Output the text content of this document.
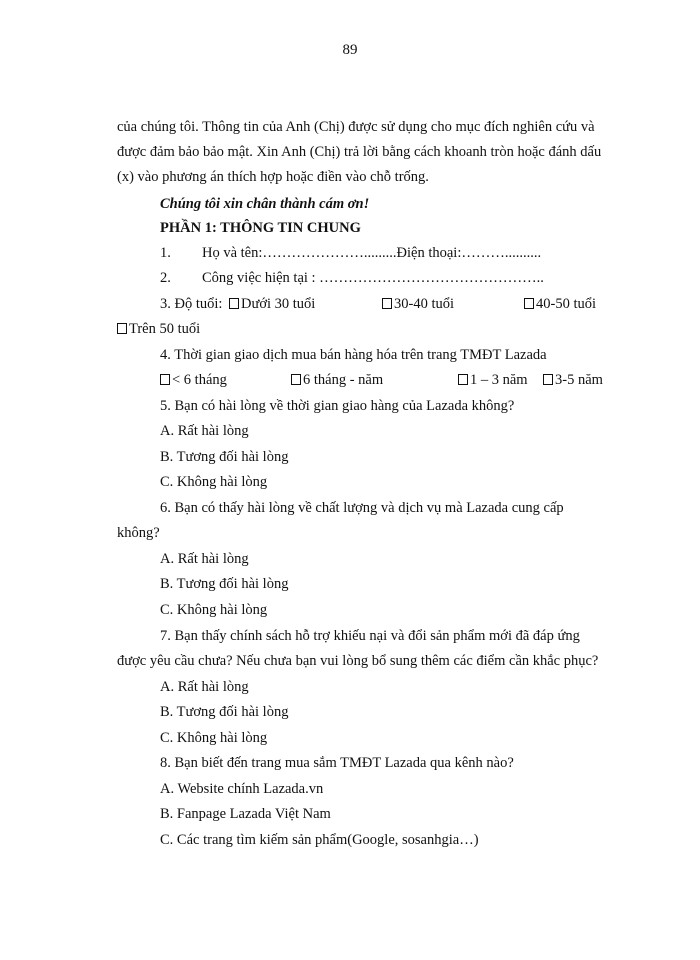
89
của chúng tôi. Thông tin của Anh (Chị) được sử dụng cho mục đích nghiên cứu và
được đảm bảo bảo mật. Xin Anh (Chị) trả lời bằng cách khoanh tròn hoặc đánh dấu
(x) vào phương án thích hợp hoặc điền vào chỗ trống.
Chúng tôi xin chân thành cám ơn!
PHẦN 1: THÔNG TIN CHUNG
1. Họ và tên:………………….........Điện thoại:………..........
2. Công việc hiện tại : ………………………………………..
3. Độ tuổi:	Dưới 30 tuổi	30-40 tuổi	40-50 tuổi
Trên 50 tuổi
4. Thời gian giao dịch mua bán hàng hóa trên trang TMĐT Lazada
< 6 tháng	6 tháng - năm	1 – 3 năm	3-5 năm
5. Bạn có hài lòng về thời gian giao hàng của Lazada không?
A. Rất hài lòng
B. Tương đối hài lòng
C. Không hài lòng
6. Bạn có thấy hài lòng về chất lượng và dịch vụ mà Lazada cung cấp
không?
A. Rất hài lòng
B. Tương đối hài lòng
C. Không hài lòng
7. Bạn thấy chính sách hỗ trợ khiếu nại và đổi sản phẩm mới đã đáp ứng
được yêu cầu chưa? Nếu chưa bạn vui lòng bổ sung thêm các điểm cần khắc phục?
A. Rất hài lòng
B. Tương đối hài lòng
C. Không hài lòng
8. Bạn biết đến trang mua sắm TMĐT Lazada qua kênh nào?
A. Website chính Lazada.vn
B. Fanpage Lazada Việt Nam
C. Các trang tìm kiếm sản phẩm(Google, sosanhgia…)
